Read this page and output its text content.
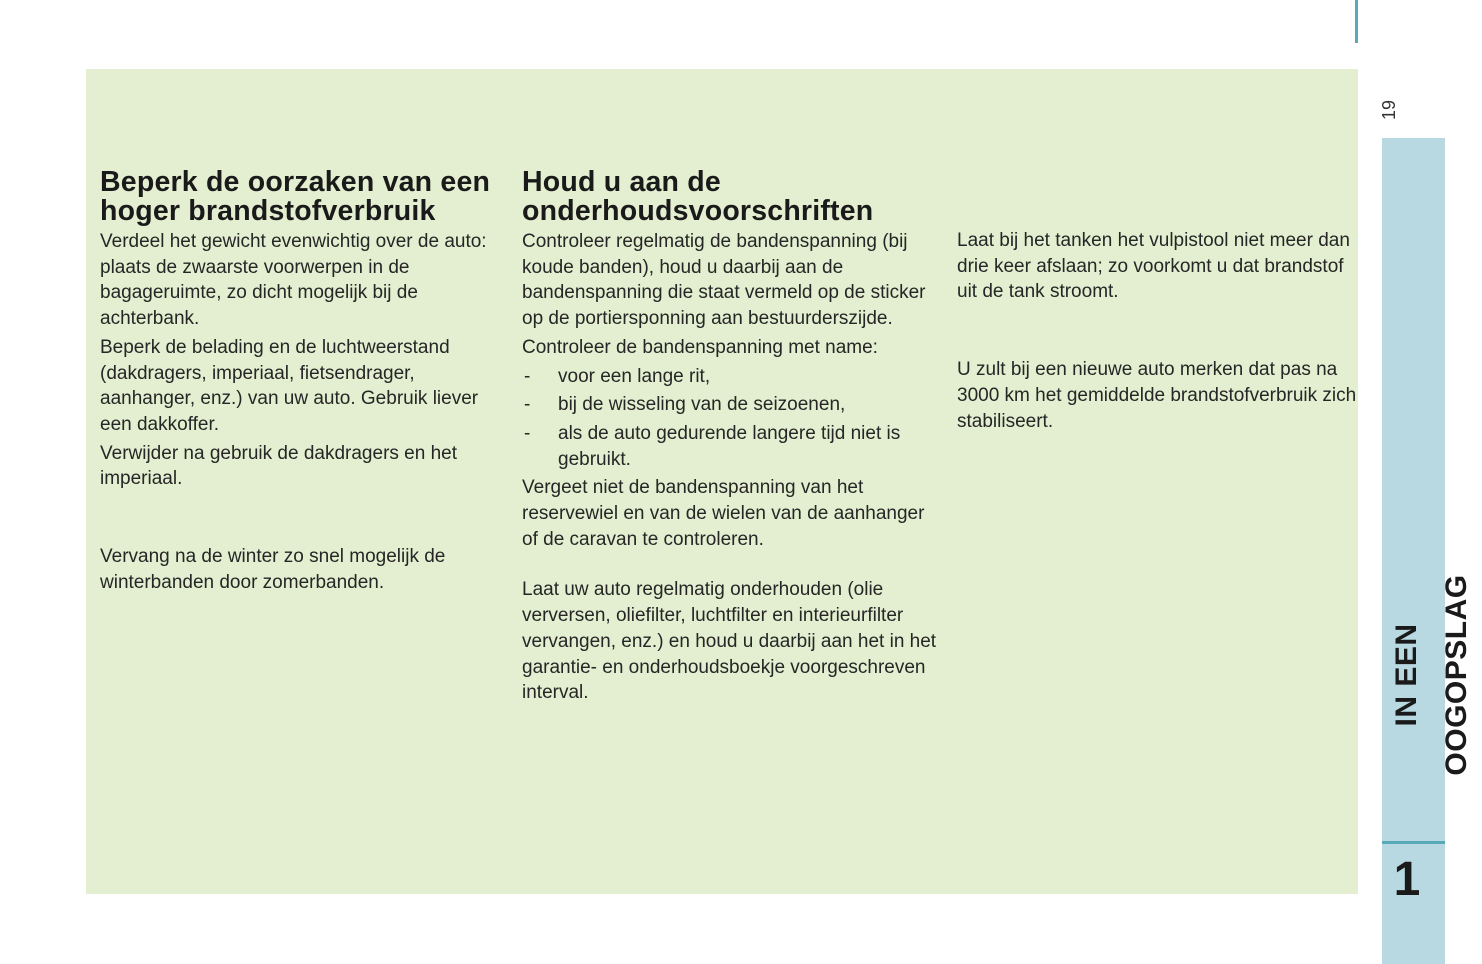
19
Beperk de oorzaken van een hoger brandstofverbruik

Verdeel het gewicht evenwichtig over de auto: plaats de zwaarste voorwerpen in de bagageruimte, zo dicht mogelijk bij de achterbank.

Beperk de belading en de luchtweerstand (dakdragers, imperiaal, fietsendrager, aanhanger, enz.) van uw auto. Gebruik liever een dakkoffer.

Verwijder na gebruik de dakdragers en het imperiaal.

Vervang na de winter zo snel mogelijk de winterbanden door zomerbanden.

Houd u aan de onderhoudsvoorschriften

Controleer regelmatig de bandenspanning (bij koude banden), houd u daarbij aan de bandenspanning die staat vermeld op de sticker op de portiersponning aan bestuurderszijde.

Controleer de bandenspanning met name:

- voor een lange rit,
- bij de wisseling van de seizoenen,
- als de auto gedurende langere tijd niet is gebruikt.

Vergeet niet de bandenspanning van het reservewiel en van de wielen van de aanhanger of de caravan te controleren.

Laat uw auto regelmatig onderhouden (olie verversen, oliefilter, luchtfilter en interieurfilter vervangen, enz.) en houd u daarbij aan het in het garantie- en onderhoudsboekje voorgeschreven interval.

Laat bij het tanken het vulpistool niet meer dan drie keer afslaan; zo voorkomt u dat brandstof uit de tank stroomt.

U zult bij een nieuwe auto merken dat pas na 3000 km het gemiddelde brandstofverbruik zich stabiliseert.

IN EEN OOGOPSLAG
1
